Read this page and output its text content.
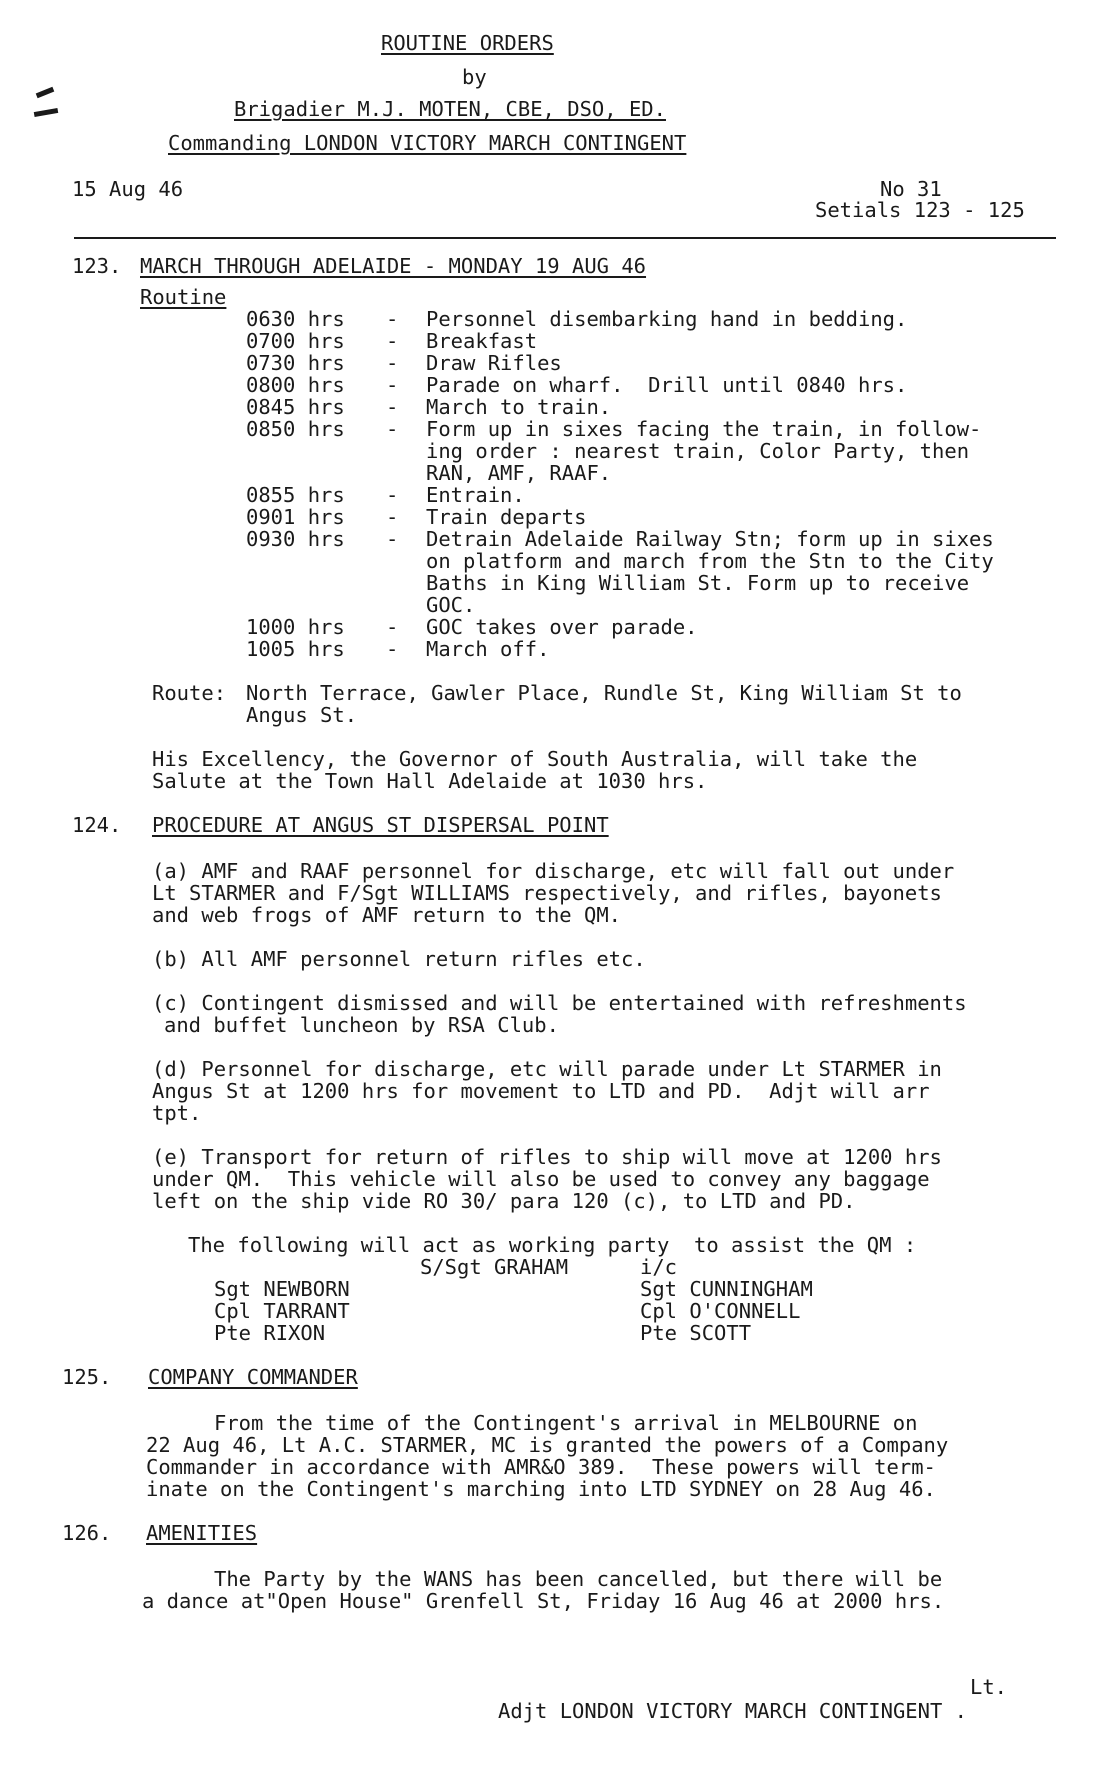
ROUTINE ORDERS
by
Brigadier M.J. MOTEN, CBE, DSO, ED.
Commanding LONDON VICTORY MARCH CONTINGENT
15 Aug 46	No 31
Setials 123 - 125
123. MARCH THROUGH ADELAIDE - MONDAY 19 AUG 46
Routine
0630 hrs - Personnel disembarking hand in bedding.
0700 hrs - Breakfast
0730 hrs - Draw Rifles
0800 hrs - Parade on wharf.  Drill until 0840 hrs.
0845 hrs - March to train.
0850 hrs - Form up in sixes facing the train, in follow-
ing order : nearest train, Color Party, then
RAN, AMF, RAAF.
0855 hrs - Entrain.
0901 hrs - Train departs
0930 hrs - Detrain Adelaide Railway Stn; form up in sixes
on platform and march from the Stn to the City
Baths in King William St. Form up to receive
GOC.
1000 hrs - GOC takes over parade.
1005 hrs - March off.
Route: North Terrace, Gawler Place, Rundle St, King William St to
Angus St.
His Excellency, the Governor of South Australia, will take the
Salute at the Town Hall Adelaide at 1030 hrs.
124. PROCEDURE AT ANGUS ST DISPERSAL POINT
(a) AMF and RAAF personnel for discharge, etc will fall out under
Lt STARMER and F/Sgt WILLIAMS respectively, and rifles, bayonets
and web frogs of AMF return to the QM.
(b) All AMF personnel return rifles etc.
(c) Contingent dismissed and will be entertained with refreshments
and buffet luncheon by RSA Club.
(d) Personnel for discharge, etc will parade under Lt STARMER in
Angus St at 1200 hrs for movement to LTD and PD.  Adjt will arr
tpt.
(e) Transport for return of rifles to ship will move at 1200 hrs
under QM.  This vehicle will also be used to convey any baggage
left on the ship vide RO 30/ para 120 (c), to LTD and PD.
The following will act as working party  to assist the QM :
S/Sgt GRAHAM	i/c
Sgt NEWBORN
Cpl TARRANT
Pte RIXON
Sgt CUNNINGHAM
Cpl O'CONNELL
Pte SCOTT
125. COMPANY COMMANDER
From the time of the Contingent's arrival in MELBOURNE on
22 Aug 46, Lt A.C. STARMER, MC is granted the powers of a Company
Commander in accordance with AMR&O 389.  These powers will term-
inate on the Contingent's marching into LTD SYDNEY on 28 Aug 46.
126. AMENITIES
The Party by the WANS has been cancelled, but there will be
a dance at"Open House" Grenfell St, Friday 16 Aug 46 at 2000 hrs.
Lt.
Adjt LONDON VICTORY MARCH CONTINGENT .
